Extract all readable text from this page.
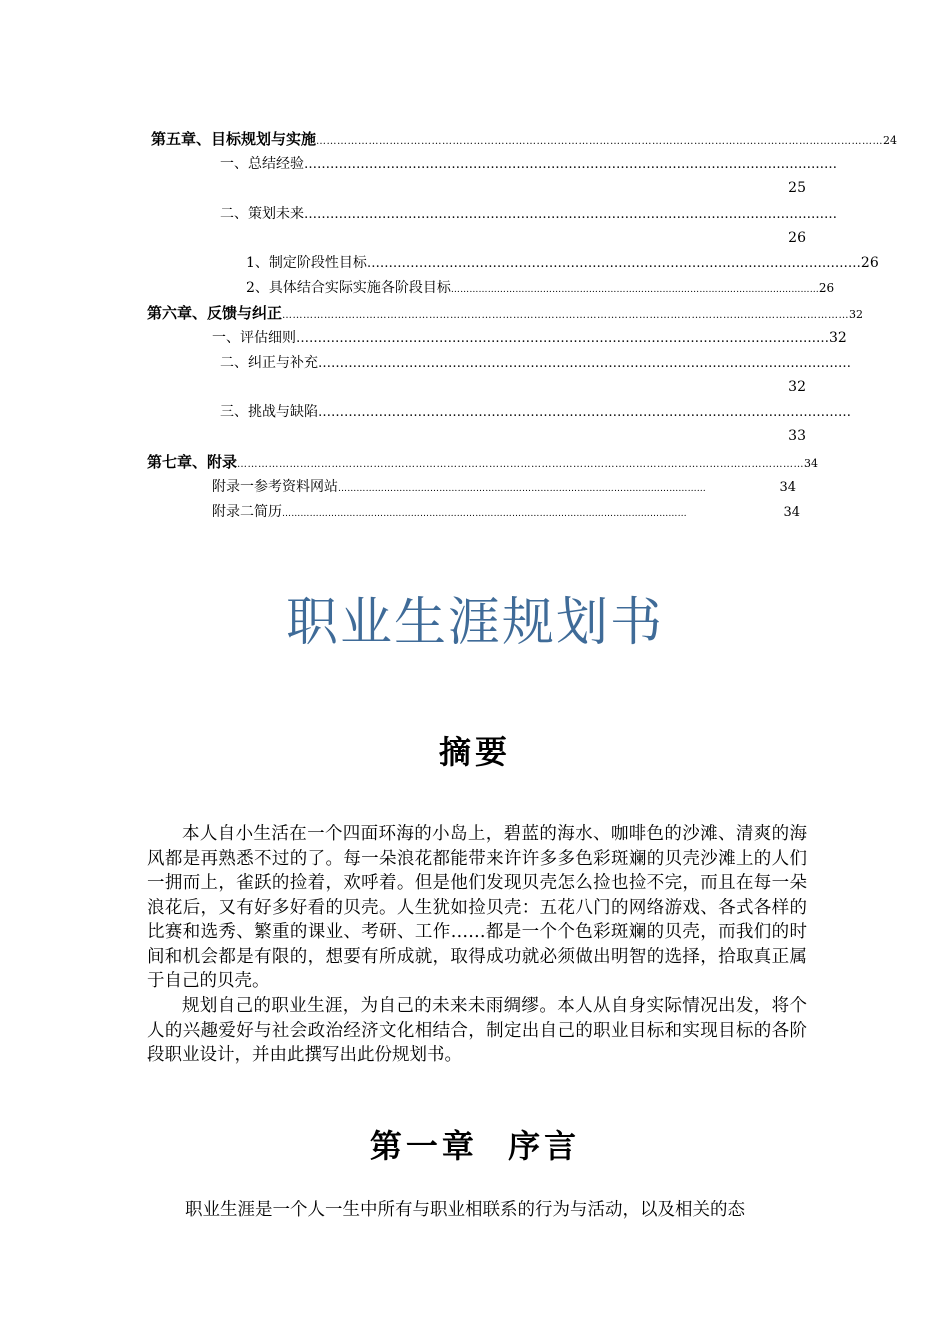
第五章、目标规划与实施 ……………………………………………………………………………………………………………………………………………… 24
一、总结经验 ……………………………………………………………………………………………………………
25
二、策划未来 ……………………………………………………………………………………………………………
26
1、制定阶段性目标 …………………………………………………………………………………………………… 26
2、具体结合实际实施各阶段目标 ………………………………………………………………………………………………………… 26
第六章、反馈与纠正 ……………………………………………………………………………………………………………………………………………… 32
一、评估细则 …………………………………………………………………………………………………………… 32
二、纠正与补充 ……………………………………………………………………………………………………………
32
三、挑战与缺陷 ……………………………………………………………………………………………………………
33
第七章、附录 ……………………………………………………………………………………………………………………………………………… 34
附录一参考资料网站 …………………………………………………………………………………………………………	34
附录二简历 ……………………………………………………………………………………………………………………	34
职业生涯规划书
摘要

本人自小生活在一个四面环海的小岛上，碧蓝的海水、咖啡色的沙滩、清爽的海风都是再熟悉不过的了。每一朵浪花都能带来许许多多色彩斑斓的贝壳沙滩上的人们一拥而上，雀跃的捡着，欢呼着。但是他们发现贝壳怎么捡也捡不完，而且在每一朵浪花后，又有好多好看的贝壳。人生犹如捡贝壳：五花八门的网络游戏、各式各样的比赛和选秀、繁重的课业、考研、工作……都是一个个色彩斑斓的贝壳，而我们的时间和机会都是有限的，想要有所成就，取得成功就必须做出明智的选择，拾取真正属于自己的贝壳。

规划自己的职业生涯，为自己的未来未雨绸缪。本人从自身实际情况出发，将个人的兴趣爱好与社会政治经济文化相结合，制定出自己的职业目标和实现目标的各阶段职业设计，并由此撰写出此份规划书。

第一章  序言

职业生涯是一个人一生中所有与职业相联系的行为与活动，以及相关的态
